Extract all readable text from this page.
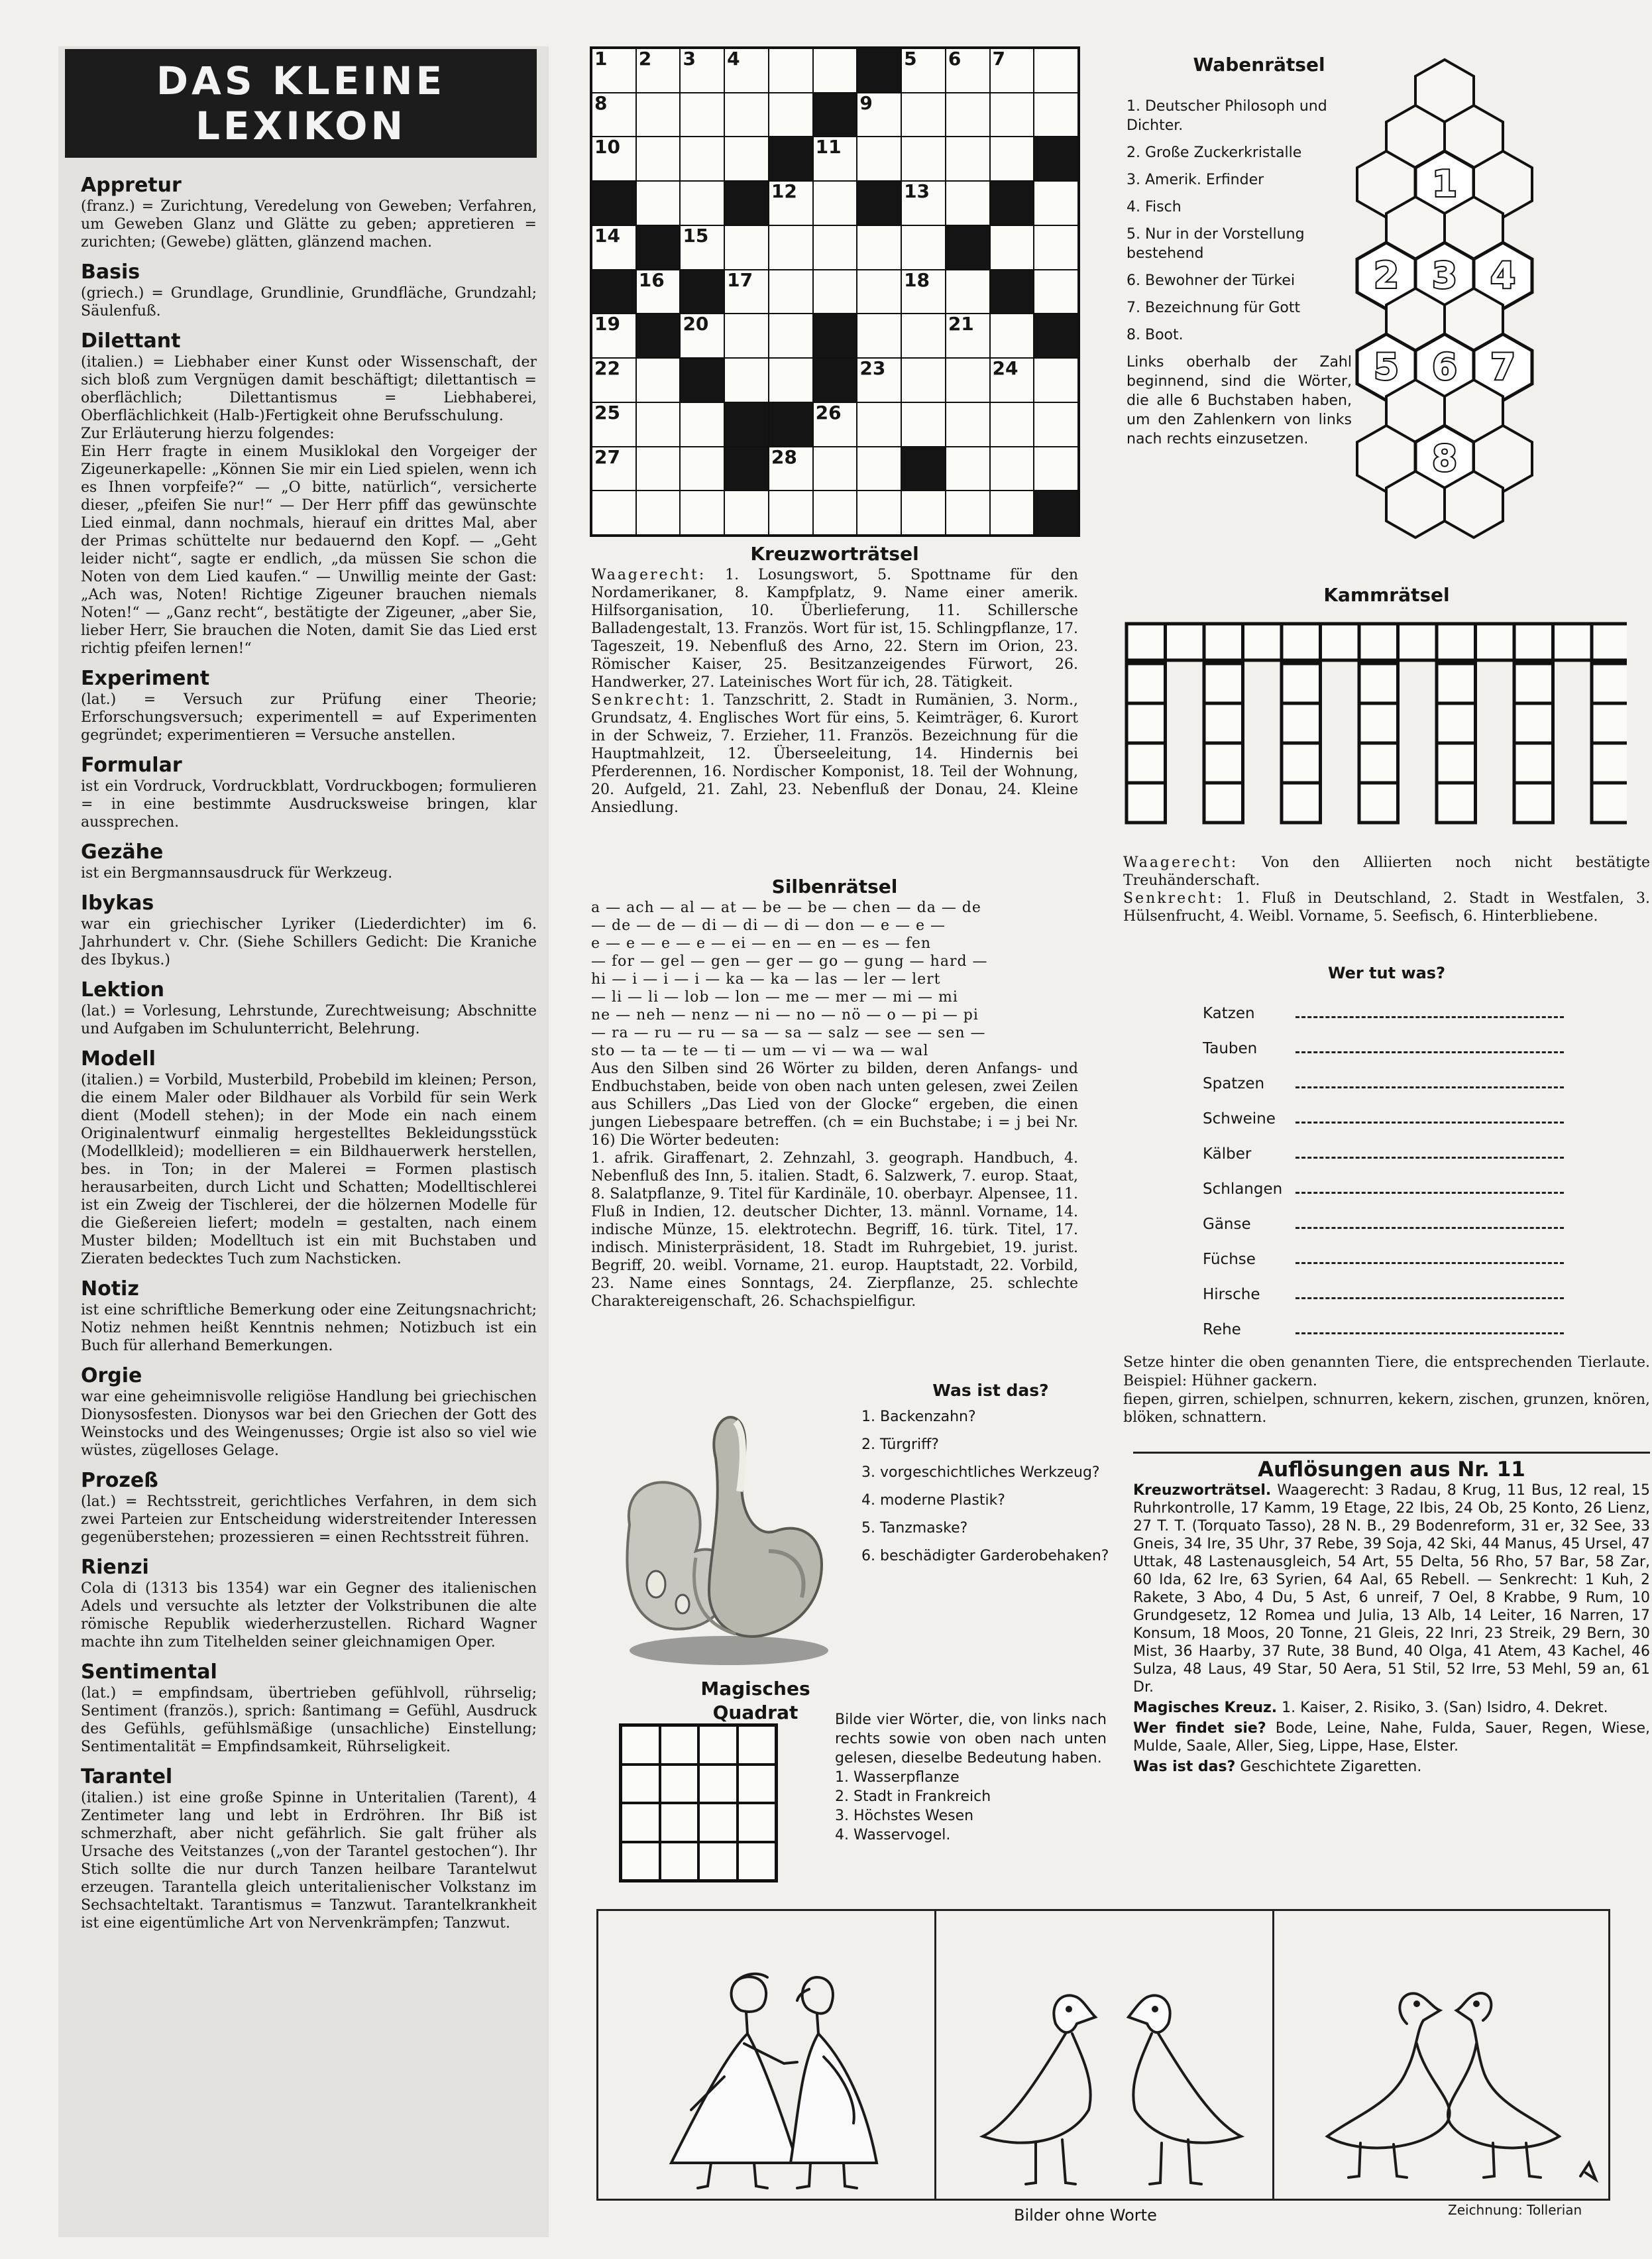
DAS KLEINE LEXIKON
Appretur

(franz.) = Zurichtung, Veredelung von Geweben; Verfahren, um Geweben Glanz und Glätte zu geben; appretieren = zurichten; (Gewebe) glätten, glänzend machen.

Basis

(griech.) = Grundlage, Grundlinie, Grundfläche, Grundzahl; Säulenfuß.

Dilettant

(italien.) = Liebhaber einer Kunst oder Wissenschaft, der sich bloß zum Vergnügen damit beschäftigt; dilettantisch = oberflächlich; Dilettantismus = Liebhaberei, Oberflächlichkeit (Halb-)Fertigkeit ohne Berufsschulung.

Zur Erläuterung hierzu folgendes:

Ein Herr fragte in einem Musiklokal den Vorgeiger der Zigeunerkapelle: „Können Sie mir ein Lied spielen, wenn ich es Ihnen vorpfeife?“ — „O bitte, natürlich“, versicherte dieser, „pfeifen Sie nur!“ — Der Herr pfiff das gewünschte Lied einmal, dann nochmals, hierauf ein drittes Mal, aber der Primas schüttelte nur bedauernd den Kopf. — „Geht leider nicht“, sagte er endlich, „da müssen Sie schon die Noten von dem Lied kaufen.“ — Unwillig meinte der Gast: „Ach was, Noten! Richtige Zigeuner brauchen niemals Noten!“ — „Ganz recht“, bestätigte der Zigeuner, „aber Sie, lieber Herr, Sie brauchen die Noten, damit Sie das Lied erst richtig pfeifen lernen!“

Experiment

(lat.) = Versuch zur Prüfung einer Theorie; Erforschungsversuch; experimentell = auf Experimenten gegründet; experimentieren = Versuche anstellen.

Formular

ist ein Vordruck, Vordruckblatt, Vordruckbogen; formulieren = in eine bestimmte Ausdrucksweise bringen, klar aussprechen.

Gezähe

ist ein Bergmannsausdruck für Werkzeug.

Ibykas

war ein griechischer Lyriker (Liederdichter) im 6. Jahrhundert v. Chr. (Siehe Schillers Gedicht: Die Kraniche des Ibykus.)

Lektion

(lat.) = Vorlesung, Lehrstunde, Zurechtweisung; Abschnitte und Aufgaben im Schulunterricht, Belehrung.

Modell

(italien.) = Vorbild, Musterbild, Probebild im kleinen; Person, die einem Maler oder Bildhauer als Vorbild für sein Werk dient (Modell stehen); in der Mode ein nach einem Originalentwurf einmalig hergestelltes Bekleidungsstück (Modellkleid); modellieren = ein Bildhauerwerk herstellen, bes. in Ton; in der Malerei = Formen plastisch herausarbeiten, durch Licht und Schatten; Modelltischlerei ist ein Zweig der Tischlerei, der die hölzernen Modelle für die Gießereien liefert; modeln = gestalten, nach einem Muster bilden; Modelltuch ist ein mit Buchstaben und Zieraten bedecktes Tuch zum Nachsticken.

Notiz

ist eine schriftliche Bemerkung oder eine Zeitungsnachricht; Notiz nehmen heißt Kenntnis nehmen; Notizbuch ist ein Buch für allerhand Bemerkungen.

Orgie

war eine geheimnisvolle religiöse Handlung bei griechischen Dionysosfesten. Dionysos war bei den Griechen der Gott des Weinstocks und des Weingenusses; Orgie ist also so viel wie wüstes, zügelloses Gelage.

Prozeß

(lat.) = Rechtsstreit, gerichtliches Verfahren, in dem sich zwei Parteien zur Entscheidung widerstreitender Interessen gegenüberstehen; prozessieren = einen Rechtsstreit führen.

Rienzi

Cola di (1313 bis 1354) war ein Gegner des italienischen Adels und versuchte als letzter der Volkstribunen die alte römische Republik wiederherzustellen. Richard Wagner machte ihn zum Titelhelden seiner gleichnamigen Oper.

Sentimental

(lat.) = empfindsam, übertrieben gefühlvoll, rührselig; Sentiment (französ.), sprich: ßantimang = Gefühl, Ausdruck des Gefühls, gefühlsmäßige (unsachliche) Einstellung; Sentimentalität = Empfindsamkeit, Rührseligkeit.

Tarantel

(italien.) ist eine große Spinne in Unteritalien (Tarent), 4 Zentimeter lang und lebt in Erdröhren. Ihr Biß ist schmerzhaft, aber nicht gefährlich. Sie galt früher als Ursache des Veitstanzes („von der Tarantel gestochen“). Ihr Stich sollte die nur durch Tanzen heilbare Tarantelwut erzeugen. Tarantella gleich unteritalienischer Volkstanz im Sechsachteltakt. Tarantismus = Tanzwut. Tarantelkrankheit ist eine eigentümliche Art von Nervenkrämpfen; Tanzwut.

1 2 3 4	5 6 7
8	9
10	11
12	13
14	15
16	17	18
19	20	21
22	23	24
25	26
27	28
Kreuzworträtsel

Waagerecht: 1. Losungswort, 5. Spottname für den Nordamerikaner, 8. Kampfplatz, 9. Name einer amerik. Hilfsorganisation, 10. Überlieferung, 11. Schillersche Balladengestalt, 13. Französ. Wort für ist, 15. Schlingpflanze, 17. Tageszeit, 19. Nebenfluß des Arno, 22. Stern im Orion, 23. Römischer Kaiser, 25. Besitzanzeigendes Fürwort, 26. Handwerker, 27. Lateinisches Wort für ich, 28. Tätigkeit.

Senkrecht: 1. Tanzschritt, 2. Stadt in Rumänien, 3. Norm., Grundsatz, 4. Englisches Wort für eins, 5. Keimträger, 6. Kurort in der Schweiz, 7. Erzieher, 11. Französ. Bezeichnung für die Hauptmahlzeit, 12. Überseeleitung, 14. Hindernis bei Pferderennen, 16. Nordischer Komponist, 18. Teil der Wohnung, 20. Aufgeld, 21. Zahl, 23. Nebenfluß der Donau, 24. Kleine Ansiedlung.

Silbenrätsel
a — ach — al — at — be — be — chen — da — de
— de — de — di — di — di — don — e — e —
e — e — e — e — ei — en — en — es — fen
— for — gel — gen — ger — go — gung — hard —
hi — i — i — i — ka — ka — las — ler — lert
— li — li — lob — lon — me — mer — mi — mi
ne — neh — nenz — ni — no — nö — o — pi — pi
— ra — ru — ru — sa — sa — salz — see — sen —
sto — ta — te — ti — um — vi — wa — wal

Aus den Silben sind 26 Wörter zu bilden, deren Anfangs- und Endbuchstaben, beide von oben nach unten gelesen, zwei Zeilen aus Schillers „Das Lied von der Glocke“ ergeben, die einen jungen Liebespaare betreffen. (ch = ein Buchstabe; i = j bei Nr. 16) Die Wörter bedeuten:

1. afrik. Giraffenart, 2. Zehnzahl, 3. geograph. Handbuch, 4. Nebenfluß des Inn, 5. italien. Stadt, 6. Salzwerk, 7. europ. Staat, 8. Salatpflanze, 9. Titel für Kardinäle, 10. oberbayr. Alpensee, 11. Fluß in Indien, 12. deutscher Dichter, 13. männl. Vorname, 14. indische Münze, 15. elektrotechn. Begriff, 16. türk. Titel, 17. indisch. Ministerpräsident, 18. Stadt im Ruhrgebiet, 19. jurist. Begriff, 20. weibl. Vorname, 21. europ. Hauptstadt, 22. Vorbild, 23. Name eines Sonntags, 24. Zierpflanze, 25. schlechte Charaktereigenschaft, 26. Schachspielfigur.

Was ist das?
1. Backenzahn?
2. Türgriff?
3. vorgeschichtliches Werkzeug?
4. moderne Plastik?
5. Tanzmaske?
6. beschädigter Garderobehaken?
Magisches Quadrat	Bilde vier Wörter, die, von links nach rechts sowie von oben nach unten gelesen, dieselbe Bedeutung haben.

1. Wasserpflanze

2. Stadt in Frankreich

3. Höchstes Wesen

4. Wasservogel.

Wabenrätsel
1. Deutscher Philosoph und Dichter.
2. Große Zuckerkristalle
3. Amerik. Erfinder
4. Fisch
5. Nur in der Vorstellung bestehend
6. Bewohner der Türkei
7. Bezeichnung für Gott
8. Boot.

Links oberhalb der Zahl beginnend, sind die Wörter, die alle 6 Buchstaben haben, um den Zahlenkern von links nach rechts einzusetzen.

1
2 3 4
5 6 7
8
Kammrätsel

Waagerecht: Von den Alliierten noch nicht bestätigte Treuhänderschaft.

Senkrecht: 1. Fluß in Deutschland, 2. Stadt in Westfalen, 3. Hülsenfrucht, 4. Weibl. Vorname, 5. Seefisch, 6. Hinterbliebene.

Wer tut was?
Katzen
Tauben
Spatzen
Schweine
Kälber
Schlangen
Gänse
Füchse
Hirsche
Rehe

Setze hinter die oben genannten Tiere, die entsprechenden Tierlaute. Beispiel: Hühner gackern.

fiepen, girren, schielpen, schnurren, kekern, zischen, grunzen, knören, blöken, schnattern.

Auflösungen aus Nr. 11

Kreuzworträtsel. Waagerecht: 3 Radau, 8 Krug, 11 Bus, 12 real, 15 Ruhrkontrolle, 17 Kamm, 19 Etage, 22 Ibis, 24 Ob, 25 Konto, 26 Lienz, 27 T. T. (Torquato Tasso), 28 N. B., 29 Bodenreform, 31 er, 32 See, 33 Gneis, 34 Ire, 35 Uhr, 37 Rebe, 39 Soja, 42 Ski, 44 Manus, 45 Ursel, 47 Uttak, 48 Lastenausgleich, 54 Art, 55 Delta, 56 Rho, 57 Bar, 58 Zar, 60 Ida, 62 Ire, 63 Syrien, 64 Aal, 65 Rebell. — Senkrecht: 1 Kuh, 2 Rakete, 3 Abo, 4 Du, 5 Ast, 6 unreif, 7 Oel, 8 Krabbe, 9 Rum, 10 Grundgesetz, 12 Romea und Julia, 13 Alb, 14 Leiter, 16 Narren, 17 Konsum, 18 Moos, 20 Tonne, 21 Gleis, 22 Inri, 23 Streik, 29 Bern, 30 Mist, 36 Haarby, 37 Rute, 38 Bund, 40 Olga, 41 Atem, 43 Kachel, 46 Sulza, 48 Laus, 49 Star, 50 Aera, 51 Stil, 52 Irre, 53 Mehl, 59 an, 61 Dr.

Magisches Kreuz. 1. Kaiser, 2. Risiko, 3. (San) Isidro, 4. Dekret.

Wer findet sie? Bode, Leine, Nahe, Fulda, Sauer, Regen, Wiese, Mulde, Saale, Aller, Sieg, Lippe, Hase, Elster.

Was ist das? Geschichtete Zigaretten.

Bilder ohne Worte	Zeichnung: Tollerian
